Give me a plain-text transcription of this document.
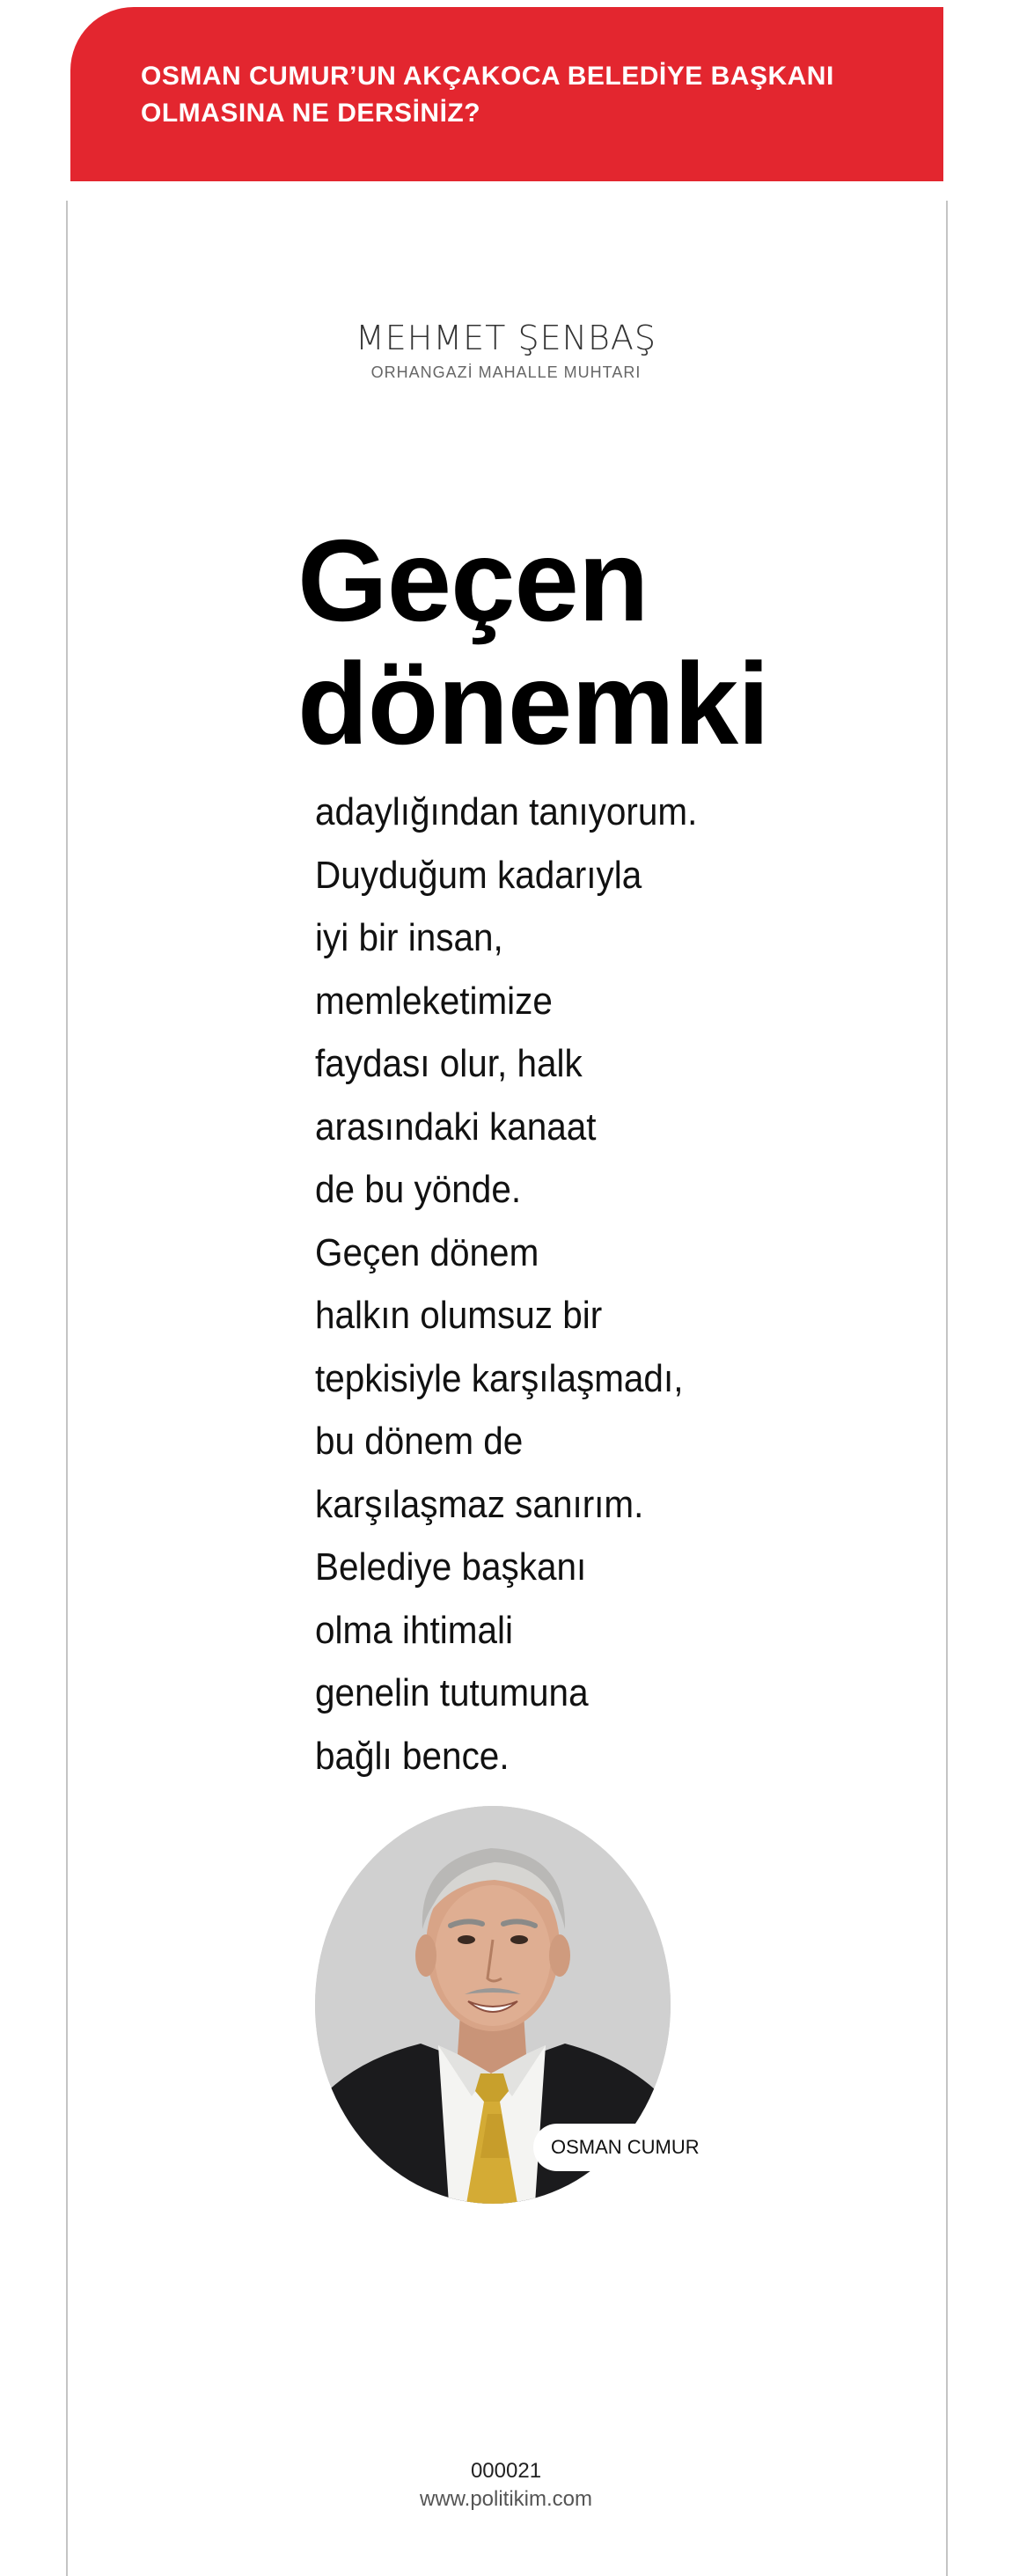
OSMAN CUMUR’UN AKÇAKOCA BELEDİYE BAŞKANI OLMASINA NE DERSİNİZ?

MEHMET ŞENBAŞ

ORHANGAZİ MAHALLE MUHTARI

Geçen
dönemki
adaylığından tanıyorum.
Duyduğum kadarıyla
iyi bir insan,
memleketimize
faydası olur, halk
arasındaki kanaat
de bu yönde.
Geçen dönem
halkın olumsuz bir
tepkisiyle karşılaşmadı,
bu dönem de
karşılaşmaz sanırım.
Belediye başkanı
olma ihtimali
genelin tutumuna
bağlı bence.
OSMAN CUMUR
000021
www.politikim.com
